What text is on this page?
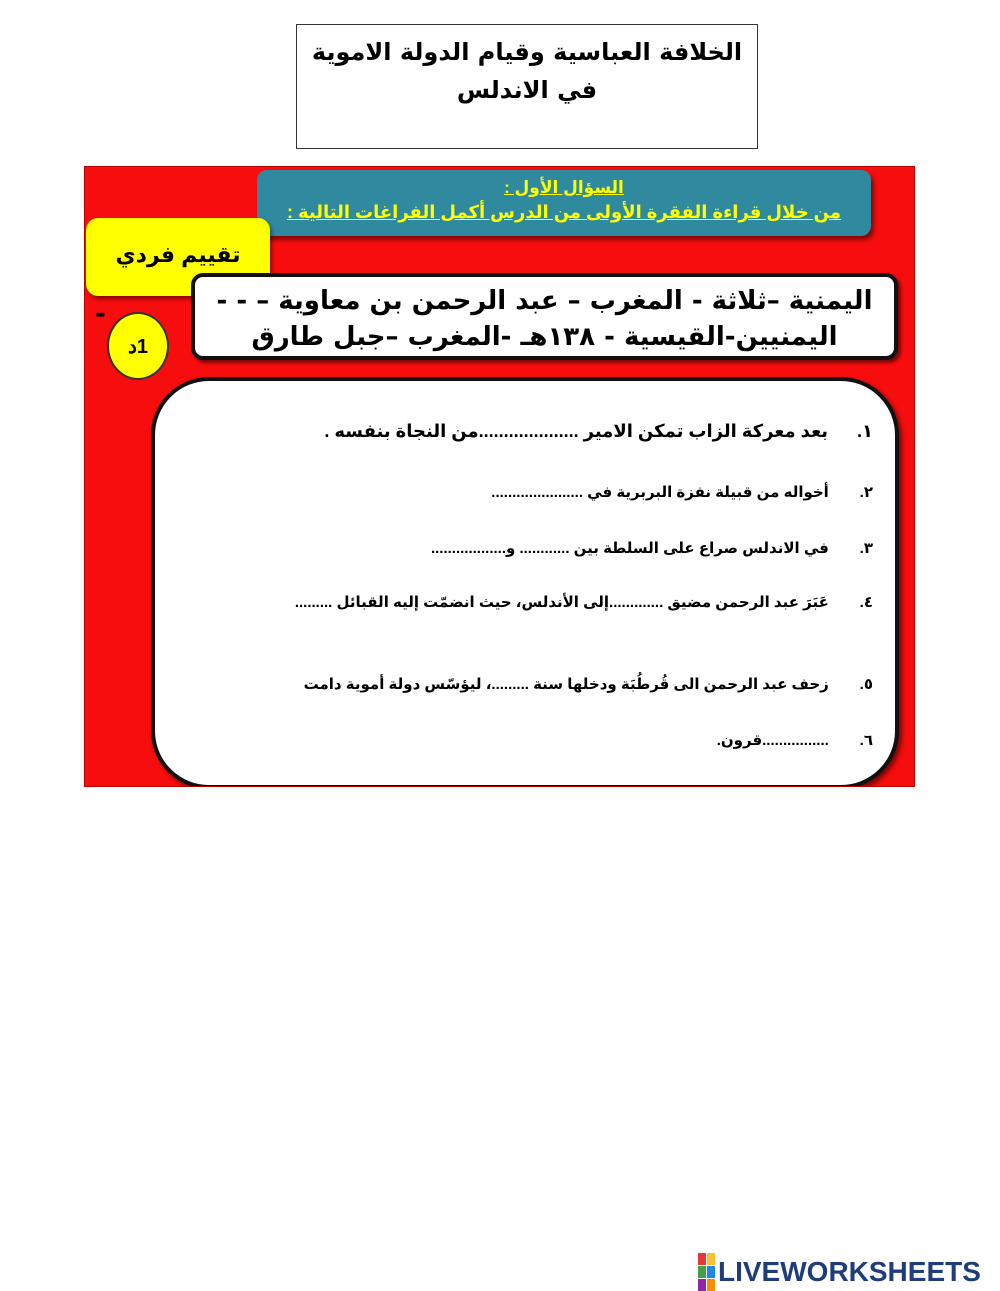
الخلافة العباسية وقيام الدولة الاموية في الاندلس
السؤال الأول :
من خلال قراءة الفقرة الأولى من الدرس أكمل الفراغات التالية :
تقييم فردي
اليمنية –ثلاثة - المغرب – عبد الرحمن بن معاوية – - -
اليمنيين-القيسية - ١٣٨هـ -المغرب –جبل طارق
-
1د
١. بعد معركة الزاب تمكن الامير ....................من النجاة بنفسه .
٢. أخواله من قبيلة نفزة البربرية في ......................
٣. في الاندلس صراع على السلطة بين ............ و..................
٤. عَبَرَ عبد الرحمن مضيق .............إلى الأندلس، حيث انضمّت إليه القبائل .........
٥. زحف عبد الرحمن الى قُرطُبَة ودخلها سنة .........، ليؤسّس دولة أموية دامت
٦. ................قرون.
LIVEWORKSHEETS
